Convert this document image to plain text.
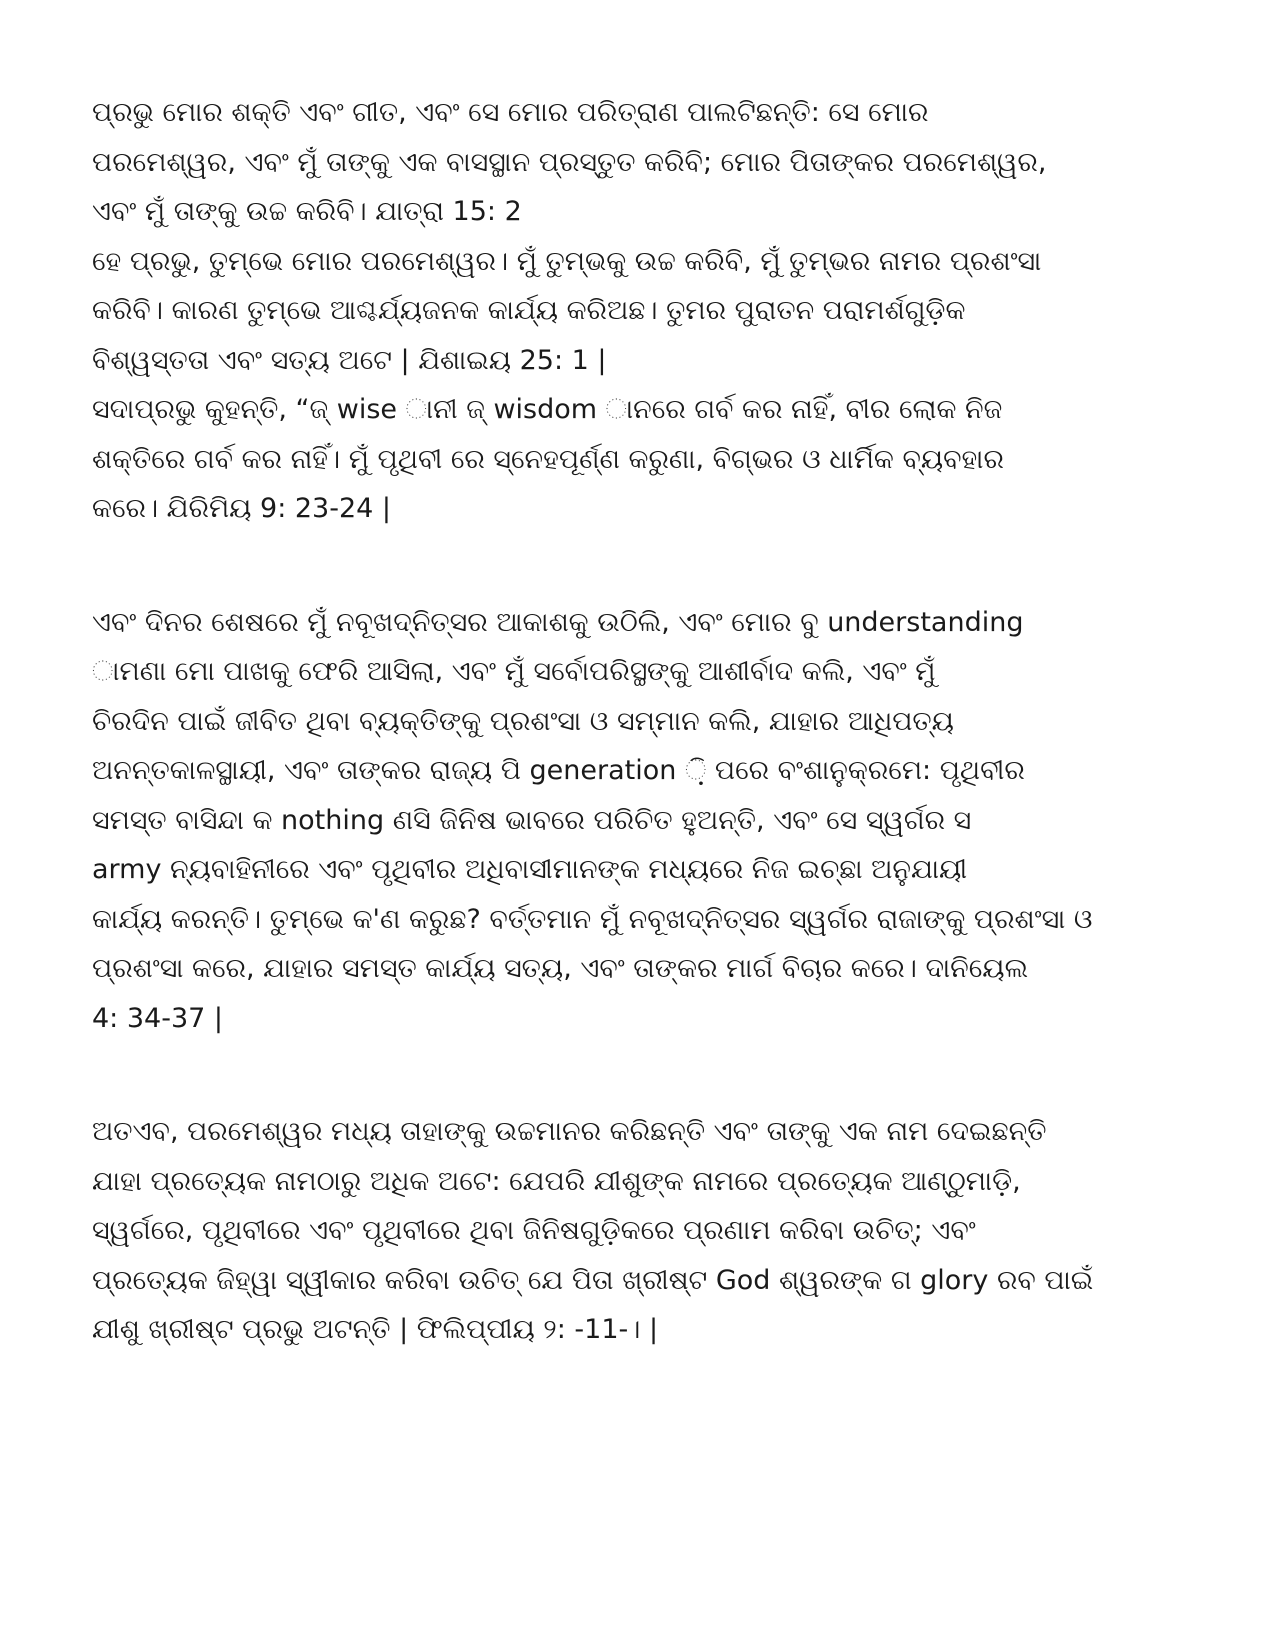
ପ୍ରଭୁ ମୋର ଶକ୍ତି ଏବଂ ଗୀତ, ଏବଂ ସେ ମୋର ପରିତ୍ରାଣ ପାଲଟିଛନ୍ତି: ସେ ମୋର
ପରମେଶ୍ୱର, ଏବଂ ମୁଁ ତାଙ୍କୁ ଏକ ବାସସ୍ଥାନ ପ୍ରସ୍ତୁତ କରିବି; ମୋର ପିତାଙ୍କର ପରମେଶ୍ୱର,
ଏବଂ ମୁଁ ତାଙ୍କୁ ଉଚ୍ଚ କରିବି। ଯାତ୍ରା 15: 2
ହେ ପ୍ରଭୁ, ତୁମ୍ଭେ ମୋର ପରମେଶ୍ୱର। ମୁଁ ତୁମ୍ଭକୁ ଉଚ୍ଚ କରିବି, ମୁଁ ତୁମ୍ଭର ନାମର ପ୍ରଶଂସା
କରିବି। କାରଣ ତୁମ୍ଭେ ଆଶ୍ଚର୍ଯ୍ୟଜନକ କାର୍ଯ୍ୟ କରିଅଛ। ତୁମର ପୁରାତନ ପରାମର୍ଶଗୁଡ଼ିକ
ବିଶ୍ୱସ୍ତତା ଏବଂ ସତ୍ୟ ଅଟେ | ଯିଶାଇୟ 25: 1 |
ସଦାପ୍ରଭୁ କୁହନ୍ତି, “ଜ୍ wise ାନୀ ଜ୍ wisdom ାନରେ ଗର୍ବ କର ନାହିଁ, ବୀର ଲୋକ ନିଜ
ଶକ୍ତିରେ ଗର୍ବ କର ନାହିଁ। ମୁଁ ପୃଥିବୀ ରେ ସ୍ନେହପୂର୍ଣ୍ଣ କରୁଣା, ବିଗ୍ଭର ଓ ଧାର୍ମିକ ବ୍ୟବହାର
କରେ। ଯିରିମିୟ 9: 23-24 |
ଏବଂ ଦିନର ଶେଷରେ ମୁଁ ନବୂଖଦ୍ନିତ୍ସର ଆକାଶକୁ ଉଠିଲି, ଏବଂ ମୋର ବୁ understanding
ାମଣା ମୋ ପାଖକୁ ଫେରି ଆସିଲା, ଏବଂ ମୁଁ ସର୍ବୋପରିସ୍ଥଙ୍କୁ ଆଶୀର୍ବାଦ କଲି, ଏବଂ ମୁଁ
ଚିରଦିନ ପାଇଁ ଜୀବିତ ଥିବା ବ୍ୟକ୍ତିଙ୍କୁ ପ୍ରଶଂସା ଓ ସମ୍ମାନ କଲି, ଯାହାର ଆଧିପତ୍ୟ
ଅନନ୍ତକାଳସ୍ଥାୟୀ, ଏବଂ ତାଙ୍କର ରାଜ୍ୟ ପି generation ଼ି ପରେ ବଂଶାନୁକ୍ରମେ: ପୃଥିବୀର
ସମସ୍ତ ବାସିନ୍ଦା କ nothing ଣସି ଜିନିଷ ଭାବରେ ପରିଚିତ ହୁଅନ୍ତି, ଏବଂ ସେ ସ୍ୱର୍ଗର ସ
army ନ୍ୟବାହିନୀରେ ଏବଂ ପୃଥିବୀର ଅଧିବାସୀମାନଙ୍କ ମଧ୍ୟରେ ନିଜ ଇଚ୍ଛା ଅନୁଯାୟୀ
କାର୍ଯ୍ୟ କରନ୍ତି। ତୁମ୍ଭେ କ'ଣ କରୁଛ? ବର୍ତ୍ତମାନ ମୁଁ ନବୂଖଦ୍ନିତ୍ସର ସ୍ୱର୍ଗର ରାଜାଙ୍କୁ ପ୍ରଶଂସା ଓ
ପ୍ରଶଂସା କରେ, ଯାହାର ସମସ୍ତ କାର୍ଯ୍ୟ ସତ୍ୟ, ଏବଂ ତାଙ୍କର ମାର୍ଗ ବିଚାର କରେ। ଦାନିୟେଲ
4: 34-37 |
ଅତଏବ, ପରମେଶ୍ୱର ମଧ୍ୟ ତାହାଙ୍କୁ ଉଚ୍ଚମାନର କରିଛନ୍ତି ଏବଂ ତାଙ୍କୁ ଏକ ନାମ ଦେଇଛନ୍ତି
ଯାହା ପ୍ରତ୍ୟେକ ନାମଠାରୁ ଅଧିକ ଅଟେ: ଯେପରି ଯୀଶୁଙ୍କ ନାମରେ ପ୍ରତ୍ୟେକ ଆଣ୍ଠୁମାଡ଼ି,
ସ୍ୱର୍ଗରେ, ପୃଥିବୀରେ ଏବଂ ପୃଥିବୀରେ ଥିବା ଜିନିଷଗୁଡ଼ିକରେ ପ୍ରଣାମ କରିବା ଉଚିତ୍; ଏବଂ
ପ୍ରତ୍ୟେକ ଜିହ୍ୱା ସ୍ୱୀକାର କରିବା ଉଚିତ୍ ଯେ ପିତା ଖ୍ରୀଷ୍ଟ God ଶ୍ୱରଙ୍କ ଗ glory ରବ ପାଇଁ
ଯୀଶୁ ଖ୍ରୀଷ୍ଟ ପ୍ରଭୁ ଅଟନ୍ତି | ଫିଲିପ୍ପୀୟ ୨: -11-। |
